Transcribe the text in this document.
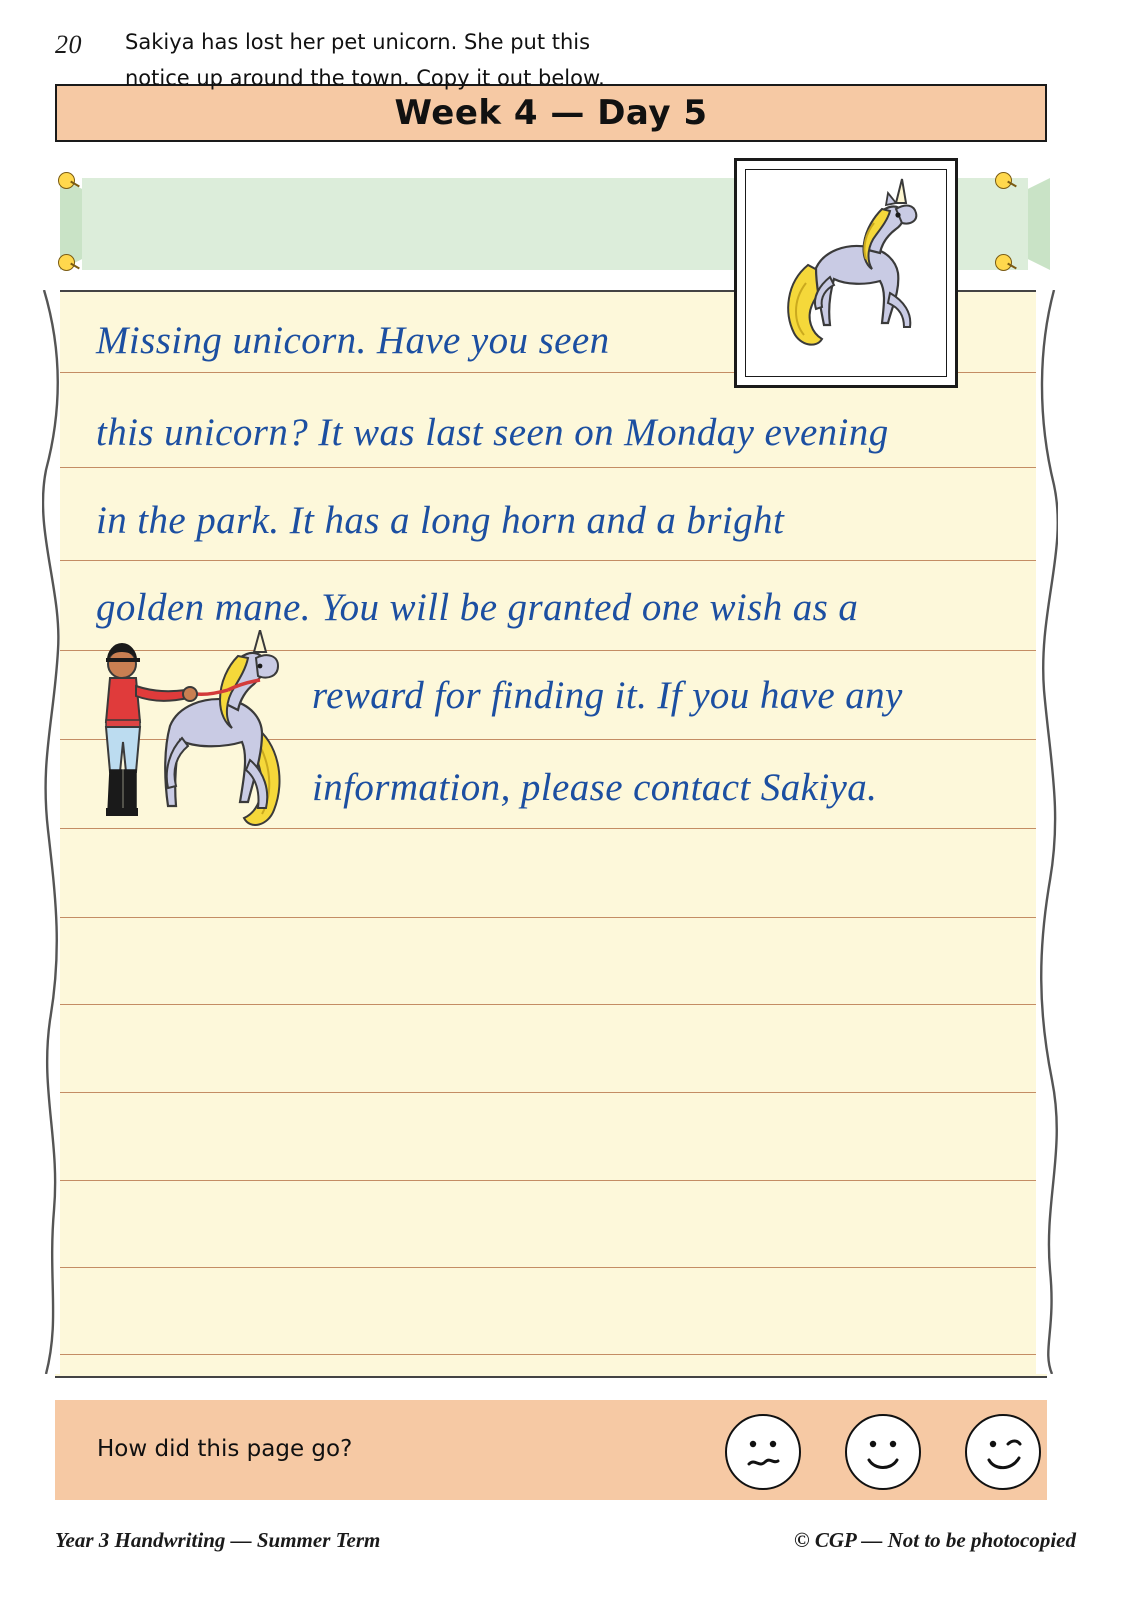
20
Week 4 — Day 5
Sakiya has lost her pet unicorn. She put this
notice up around the town. Copy it out below.
Missing unicorn. Have you seen
this unicorn? It was last seen on Monday evening
in the park. It has a long horn and a bright
golden mane. You will be granted one wish as a
reward for finding it. If you have any
information, please contact Sakiya.
How did this page go?
Year 3 Handwriting — Summer Term	© CGP — Not to be photocopied
